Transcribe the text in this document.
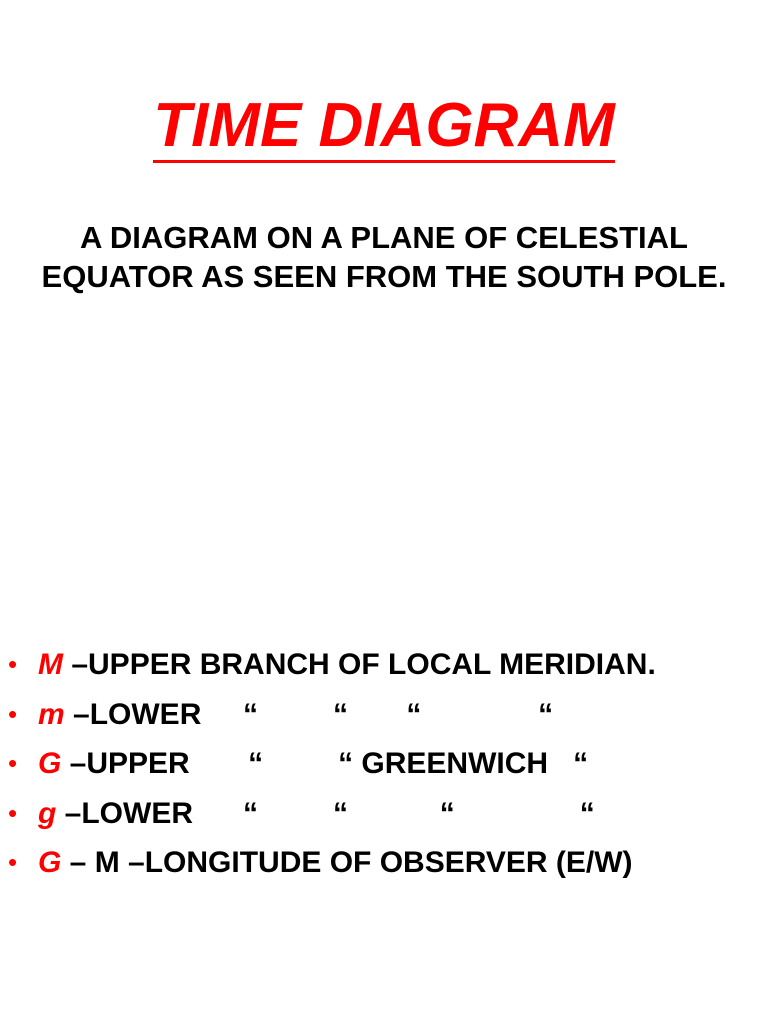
TIME DIAGRAM

A DIAGRAM ON A PLANE OF CELESTIAL EQUATOR AS SEEN FROM THE SOUTH POLE.

•

M –UPPER BRANCH OF LOCAL MERIDIAN.

•

m –LOWER     “         “       “              “

•

G –UPPER       “         “ GREENWICH   “

•

g –LOWER      “         “           “               “

•

G – M –LONGITUDE OF OBSERVER (E/W)
